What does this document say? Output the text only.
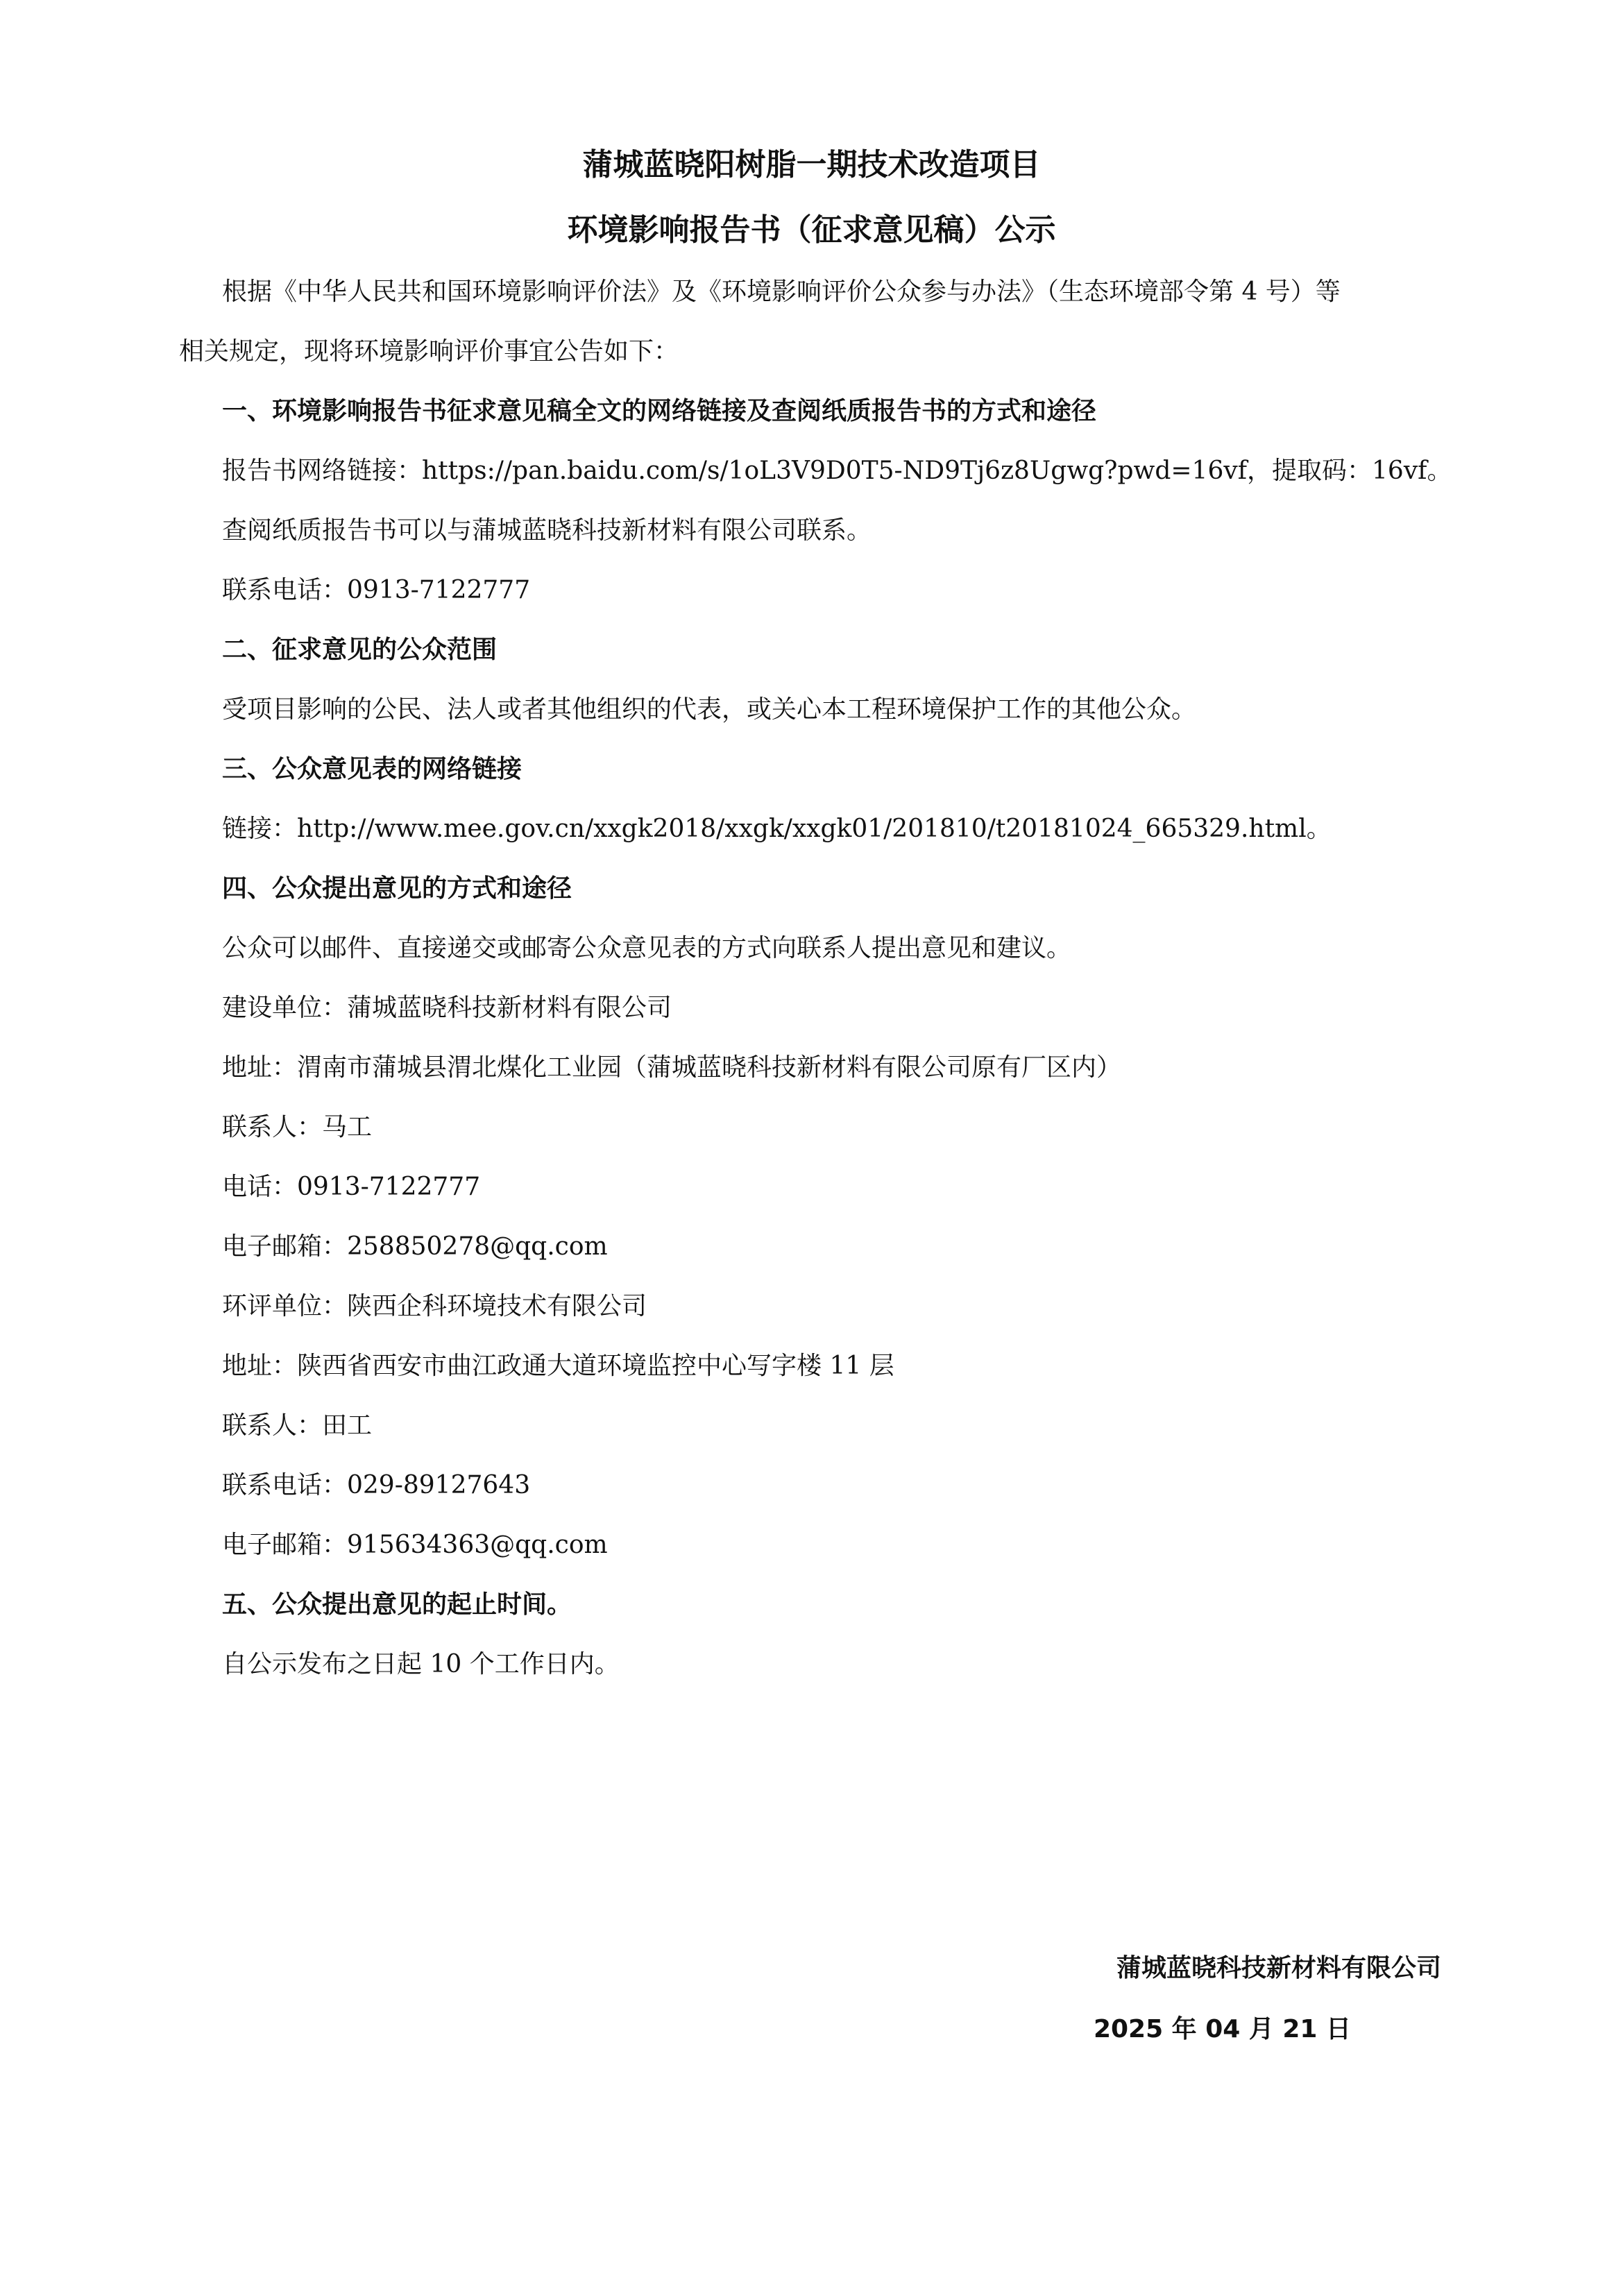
蒲城蓝晓阳树脂一期技术改造项目
环境影响报告书（征求意见稿）公示
根据《中华人民共和国环境影响评价法》及《环境影响评价公众参与办法》（生态环境部令第 4 号）等
相关规定，现将环境影响评价事宜公告如下：
一、环境影响报告书征求意见稿全文的网络链接及查阅纸质报告书的方式和途径
报告书网络链接：https://pan.baidu.com/s/1oL3V9D0T5-ND9Tj6z8Ugwg?pwd=16vf，提取码：16vf。
查阅纸质报告书可以与蒲城蓝晓科技新材料有限公司联系。
联系电话：0913-7122777
二、征求意见的公众范围
受项目影响的公民、法人或者其他组织的代表，或关心本工程环境保护工作的其他公众。
三、公众意见表的网络链接
链接：http://www.mee.gov.cn/xxgk2018/xxgk/xxgk01/201810/t20181024_665329.html。
四、公众提出意见的方式和途径
公众可以邮件、直接递交或邮寄公众意见表的方式向联系人提出意见和建议。
建设单位：蒲城蓝晓科技新材料有限公司
地址：渭南市蒲城县渭北煤化工业园（蒲城蓝晓科技新材料有限公司原有厂区内）
联系人：马工
电话：0913-7122777
电子邮箱：258850278@qq.com
环评单位：陕西企科环境技术有限公司
地址：陕西省西安市曲江政通大道环境监控中心写字楼 11 层
联系人：田工
联系电话：029-89127643
电子邮箱：915634363@qq.com
五、公众提出意见的起止时间。
自公示发布之日起 10 个工作日内。
蒲城蓝晓科技新材料有限公司
2025 年 04 月 21 日
